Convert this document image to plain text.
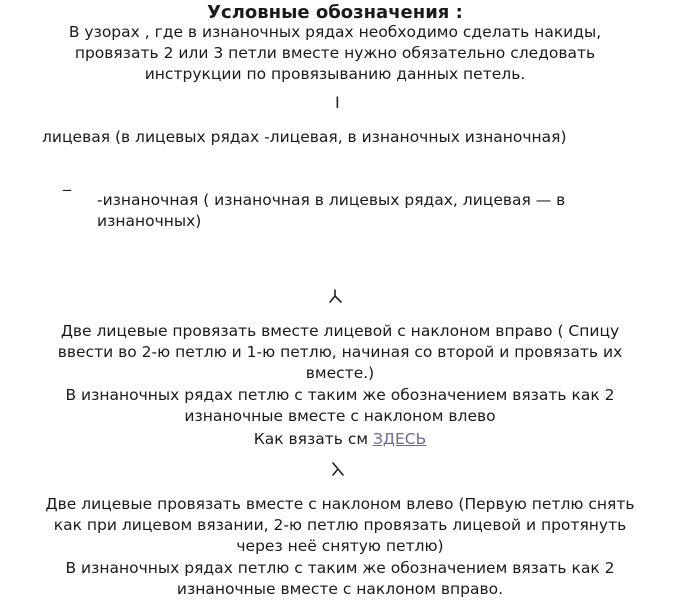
Условные обозначения :
В узорах , где в изнаночных рядах необходимо сделать накиды,
провязать 2 или 3 петли вместе нужно обязательно следовать
инструкции по провязыванию данных петель.
I
лицевая (в лицевых рядах -лицевая, в изнаночных изнаночная)
_
-изнаночная ( изнаночная в лицевых рядах, лицевая — в
изнаночных)
Две лицевые провязать вместе лицевой с наклоном вправо ( Спицу
ввести во 2-ю петлю и 1-ю петлю, начиная со второй и провязать их
вместе.)
В изнаночных рядах петлю с таким же обозначением вязать как 2
изнаночные вместе с наклоном влево
Как вязать см ЗДЕСЬ
Две лицевые провязать вместе с наклоном влево (Первую петлю снять
как при лицевом вязании, 2-ю петлю провязать лицевой и протянуть
через неё снятую петлю)
В изнаночных рядах петлю с таким же обозначением вязать как 2
изнаночные вместе с наклоном вправо.
